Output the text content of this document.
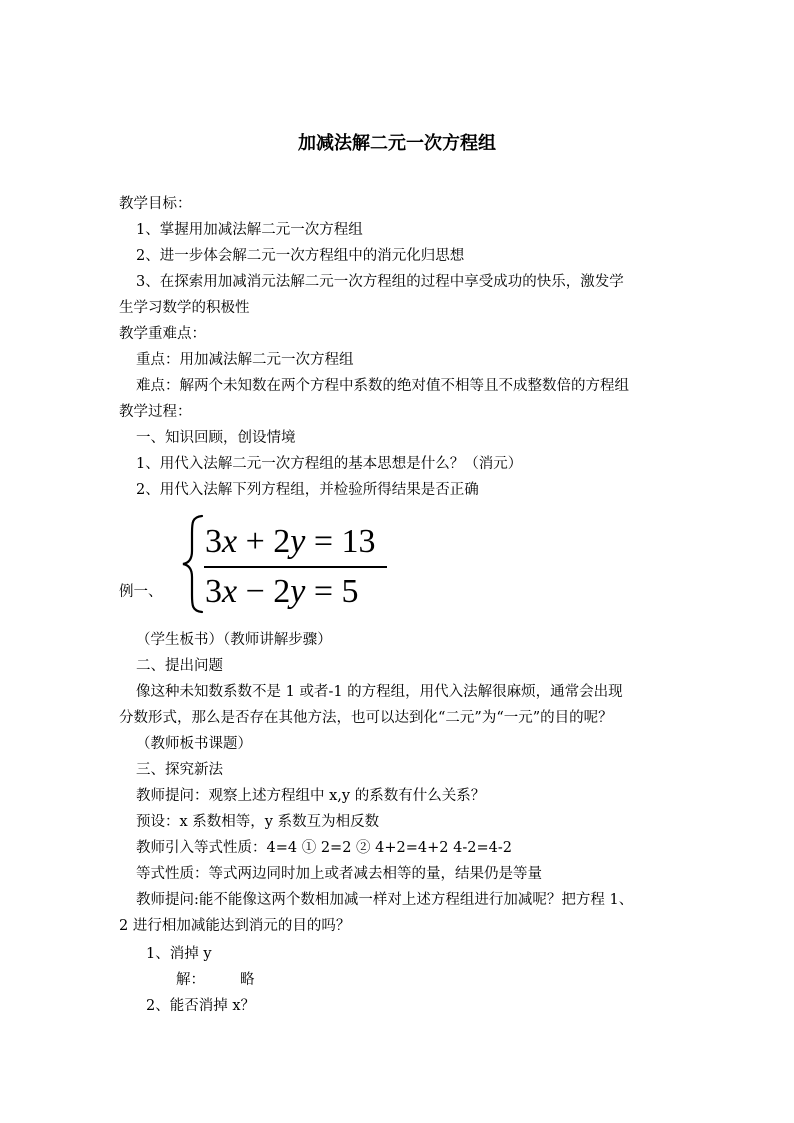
加减法解二元一次方程组
教学目标：
1、掌握用加减法解二元一次方程组
2、进一步体会解二元一次方程组中的消元化归思想
3、在探索用加减消元法解二元一次方程组的过程中享受成功的快乐，激发学
生学习数学的积极性
教学重难点：
重点：用加减法解二元一次方程组
难点：解两个未知数在两个方程中系数的绝对值不相等且不成整数倍的方程组
教学过程：
一、知识回顾，创设情境
1、用代入法解二元一次方程组的基本思想是什么？（消元）
2、用代入法解下列方程组，并检验所得结果是否正确
例一、
3x + 2y = 13
3x − 2y = 5
（学生板书）（教师讲解步骤）
二、提出问题
像这种未知数系数不是 1 或者-1 的方程组，用代入法解很麻烦，通常会出现
分数形式，那么是否存在其他方法，也可以达到化“二元”为“一元”的目的呢？
（教师板书课题）
三、探究新法
教师提问：观察上述方程组中 x,y 的系数有什么关系？
预设：x 系数相等，y 系数互为相反数
教师引入等式性质：4=4 ① 2=2 ② 4+2=4+2 4-2=4-2
等式性质：等式两边同时加上或者减去相等的量，结果仍是等量
教师提问:能不能像这两个数相加减一样对上述方程组进行加减呢？把方程 1、
2 进行相加减能达到消元的目的吗？
1、消掉 y
解： 略
2、能否消掉 x？
